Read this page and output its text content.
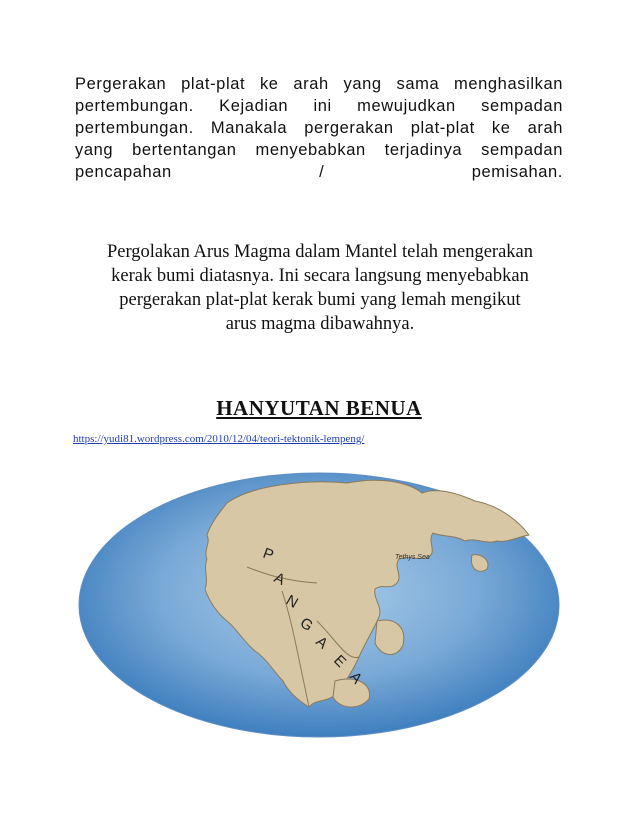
Pergerakan plat-plat ke arah yang sama menghasilkan
pertembungan. Kejadian ini mewujudkan sempadan
pertembungan. Manakala pergerakan plat-plat ke arah
yang bertentangan menyebabkan terjadinya sempadan
pencapahan / pemisahan.
Pergolakan Arus Magma dalam Mantel telah mengerakan
kerak bumi diatasnya. Ini secara langsung menyebabkan
pergerakan plat-plat kerak bumi yang lemah mengikut
arus magma dibawahnya.
HANYUTAN BENUA
https://yudi81.wordpress.com/2010/12/04/teori-tektonik-lempeng/
P
A
N
G
A
E
A
Tethys Sea
